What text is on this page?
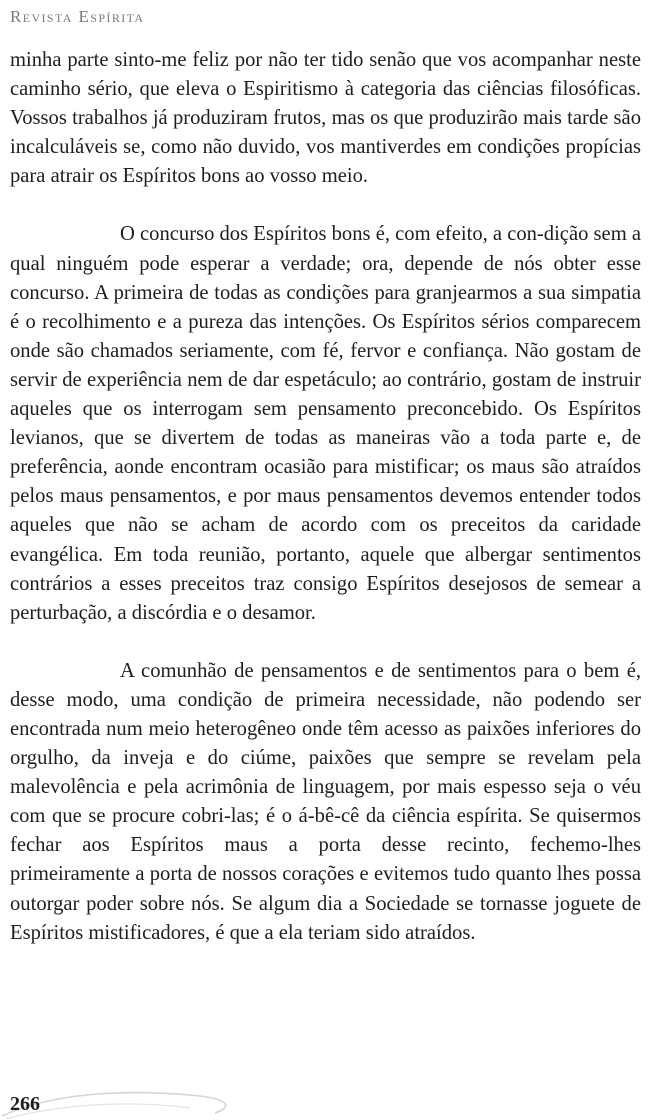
Revista Espírita

minha parte sinto-me feliz por não ter tido senão que vos acompanhar neste caminho sério, que eleva o Espiritismo à categoria das ciências filosóficas. Vossos trabalhos já produziram frutos, mas os que produzirão mais tarde são incalculáveis se, como não duvido, vos mantiverdes em condições propícias para atrair os Espíritos bons ao vosso meio.

O concurso dos Espíritos bons é, com efeito, a con-dição sem a qual ninguém pode esperar a verdade; ora, depende de nós obter esse concurso. A primeira de todas as condições para granjearmos a sua simpatia é o recolhimento e a pureza das intenções. Os Espíritos sérios comparecem onde são chamados seriamente, com fé, fervor e confiança. Não gostam de servir de experiência nem de dar espetáculo; ao contrário, gostam de instruir aqueles que os interrogam sem pensamento preconcebido. Os Espíritos levianos, que se divertem de todas as maneiras vão a toda parte e, de preferência, aonde encontram ocasião para mistificar; os maus são atraídos pelos maus pensamentos, e por maus pensamentos devemos entender todos aqueles que não se acham de acordo com os preceitos da caridade evangélica. Em toda reunião, portanto, aquele que albergar sentimentos contrários a esses preceitos traz consigo Espíritos desejosos de semear a perturbação, a discórdia e o desamor.

A comunhão de pensamentos e de sentimentos para o bem é, desse modo, uma condição de primeira necessidade, não podendo ser encontrada num meio heterogêneo onde têm acesso as paixões inferiores do orgulho, da inveja e do ciúme, paixões que sempre se revelam pela malevolência e pela acrimônia de linguagem, por mais espesso seja o véu com que se procure cobri-las; é o á-bê-cê da ciência espírita. Se quisermos fechar aos Espíritos maus a porta desse recinto, fechemo-lhes primeiramente a porta de nossos corações e evitemos tudo quanto lhes possa outorgar poder sobre nós. Se algum dia a Sociedade se tornasse joguete de Espíritos mistificadores, é que a ela teriam sido atraídos.

266
